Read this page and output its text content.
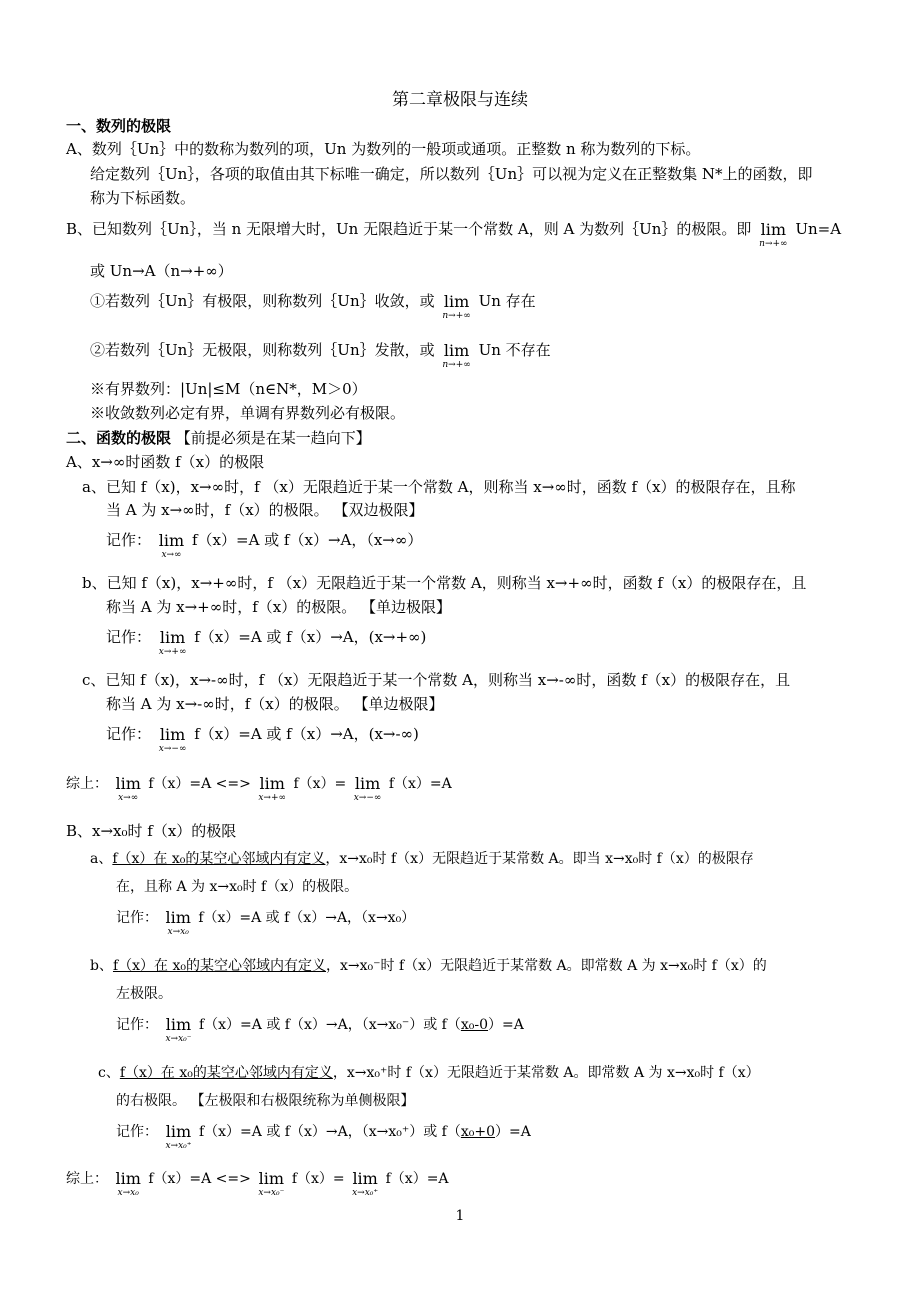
第二章极限与连续
一、数列的极限
A、数列｛Un｝中的数称为数列的项，Un 为数列的一般项或通项。正整数 n 称为数列的下标。
给定数列｛Un｝，各项的取值由其下标唯一确定，所以数列｛Un｝可以视为定义在正整数集 N*上的函数，即
称为下标函数。
B、已知数列｛Un｝，当 n 无限增大时，Un 无限趋近于某一个常数 A，则 A 为数列｛Un｝的极限。即 lim
n→+∞
Un=A
或 Un→A（n→+∞）
①若数列｛Un｝有极限，则称数列｛Un｝收敛，或 lim
n→+∞
Un 存在
②若数列｛Un｝无极限，则称数列｛Un｝发散，或 lim
n→+∞
Un 不存在
※有界数列：|Un|≤M（n∈N*，M＞0）
※收敛数列必定有界，单调有界数列必有极限。
二、函数的极限 【前提必须是在某一趋向下】
A、x→∞时函数 f（x）的极限
a、已知 f（x)，x→∞时，f （x）无限趋近于某一个常数 A，则称当 x→∞时，函数 f（x）的极限存在，且称
当 A 为 x→∞时，f（x）的极限。 【双边极限】
记作： lim
x→∞
f（x）=A 或 f（x）→A，（x→∞）
b、已知 f（x)，x→+∞时，f （x）无限趋近于某一个常数 A，则称当 x→+∞时，函数 f（x）的极限存在，且
称当 A 为 x→+∞时，f（x）的极限。 【单边极限】
记作： lim
x→+∞
f（x）=A 或 f（x）→A，(x→+∞)
c、已知 f（x)，x→-∞时，f （x）无限趋近于某一个常数 A，则称当 x→-∞时，函数 f（x）的极限存在，且
称当 A 为 x→-∞时，f（x）的极限。 【单边极限】
记作： lim
x→−∞
f（x）=A 或 f（x）→A，(x→-∞)
综上： lim
x→∞
f（x）=A <=> lim
x→+∞
f（x）= lim
x→−∞
f（x）=A
B、x→x₀时 f（x）的极限
a、f（x）在 x₀的某空心邻域内有定义，x→x₀时 f（x）无限趋近于某常数 A。即当 x→x₀时 f（x）的极限存
在，且称 A 为 x→x₀时 f（x）的极限。
记作： lim
x→x₀
f（x）=A 或 f（x）→A，（x→x₀）
b、f（x）在 x₀的某空心邻域内有定义，x→x₀⁻时 f（x）无限趋近于某常数 A。即常数 A 为 x→x₀时 f（x）的
左极限。
记作： lim
x→x₀⁻
f（x）=A 或 f（x）→A，（x→x₀⁻）或 f（x₀-0）=A
c、f（x）在 x₀的某空心邻域内有定义，x→x₀⁺时 f（x）无限趋近于某常数 A。即常数 A 为 x→x₀时 f（x）
的右极限。 【左极限和右极限统称为单侧极限】
记作： lim
x→x₀⁺
f（x）=A 或 f（x）→A，（x→x₀⁺）或 f（x₀+0）=A
综上： lim
x→x₀
f（x）=A <=> lim
x→x₀⁻
f（x）= lim
x→x₀⁺
f（x）=A
1
